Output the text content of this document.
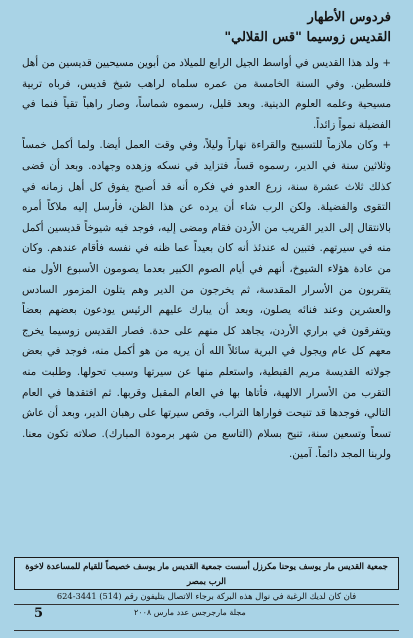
فردوس الأطهار
القديس زوسيما "قس القلالي"

+ ولد هذا القديس في أواسط الجيل الرابع للميلاد من أبوين مسيحيين قديسين من أهل فلسطين. وفي السنة الخامسة من عمره سلماه لراهب شيخ قديس، فرباه تربية مسيحية وعلمه العلوم الدينية. وبعد قليل، رسموه شماساً، وصار راهباً تقياً فنما في الفضيلة نمواً زائداً.

+ وكان ملازماً للتسبيح والقراءة نهاراً وليلاً، وفي وقت العمل أيضا. ولما أكمل خمساً وثلاثين سنة في الدير، رسموه قساً، فتزايد في نسكه وزهده وجهاده. وبعد أن قضى كذلك ثلاث عشرة سنة، زرع العدو في فكره أنه قد أصبح يفوق كل أهل زمانه في التقوى والفضيلة. ولكن الرب شاء أن يرده عن هذا الظن، فأرسل إليه ملاكاً أمره بالانتقال إلى الدير القريب من الأردن فقام ومضى إليه، فوجد فيه شيوخاً قديسين أكمل منه في سيرتهم. فتبين له عندئذ أنه كان بعيداً عما ظنه في نفسه فأقام عندهم. وكان من عادة هؤلاء الشيوخ، أنهم في أيام الصوم الكبير بعدما يصومون الأسبوع الأول منه يتقربون من الأسرار المقدسة، ثم يخرجون من الدير وهم يتلون المزمور السادس والعشرين وعند فنائه يصلون، وبعد أن يبارك عليهم الرئيس يودعون بعضهم بعضاً ويتفرقون في براري الأردن، يجاهد كل منهم على حدة. فصار القديس زوسيما يخرج معهم كل عام ويجول في البرية سائلاً الله أن يريه من هو أكمل منه، فوجد في بعض جولاته القديسة مريم القبطية، واستعلم منها عن سيرتها وسبب تحولها. وطلبت منه التقرب من الأسرار الالهية، فأتاها بها في العام المقبل وقربها. ثم افتقدها في العام التالي، فوجدها قد تنيحت فواراها التراب، وقص سيرتها على رهبان الدير، وبعد أن عاش تسعاً وتسعين سنة، تنيح بسلام (التاسع من شهر برمودة المبارك). صلاته تكون معنا. ولربنا المجد دائماً. آمين.

جمعية القديس مار يوسف يوحنا مكرزل أسست جمعية القديس مار يوسف خصيصاً للقيام للمساعدة لاخوة الرب بمصر
فان كان لديك الرغبة في نوال هذه البركة برجاء الاتصال بتليفون رقم (514) 3441-624
مجلة مارجرجس عدد مارس ٢٠٠٨
5
